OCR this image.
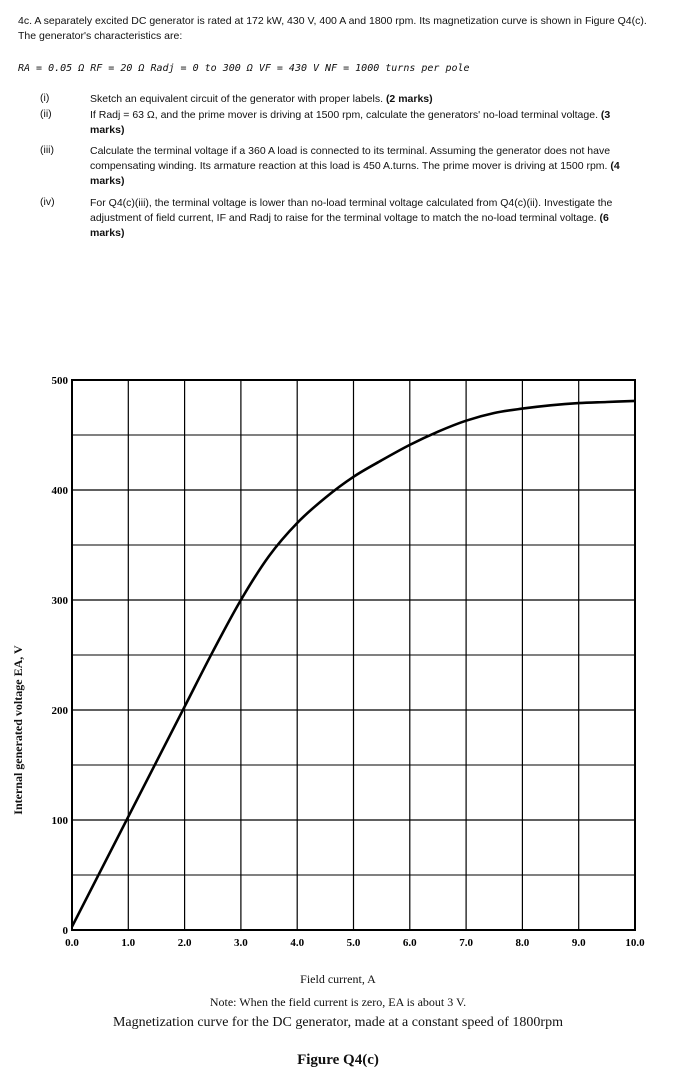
4c. A separately excited DC generator is rated at 172 kW, 430 V, 400 A and 1800 rpm. Its magnetization curve is shown in Figure Q4(c). The generator's characteristics are:
RA = 0.05 Ω RF = 20 Ω Radj = 0 to 300 Ω VF = 430 V NF = 1000 turns per pole
(i)	Sketch an equivalent circuit of the generator with proper labels. (2 marks)
(ii)	If Radj = 63 Ω, and the prime mover is driving at 1500 rpm, calculate the generators' no-load terminal voltage. (3 marks)
(iii)	Calculate the terminal voltage if a 360 A load is connected to its terminal. Assuming the generator does not have compensating winding. Its armature reaction at this load is 450 A.turns. The prime mover is driving at 1500 rpm. (4 marks)
(iv)	For Q4(c)(iii), the terminal voltage is lower than no-load terminal voltage calculated from Q4(c)(ii). Investigate the adjustment of field current, IF and Radj to raise for the terminal voltage to match the no-load terminal voltage. (6 marks)
0.0	1.0	2.0	3.0	4.0	5.0	6.0	7.0	8.0	9.0	10.0
0
100
200
300
400
500
Internal generated voltage EA, V
Field current, A
Note: When the field current is zero, EA is about 3 V.
Magnetization curve for the DC generator, made at a constant speed of 1800rpm
Figure Q4(c)
